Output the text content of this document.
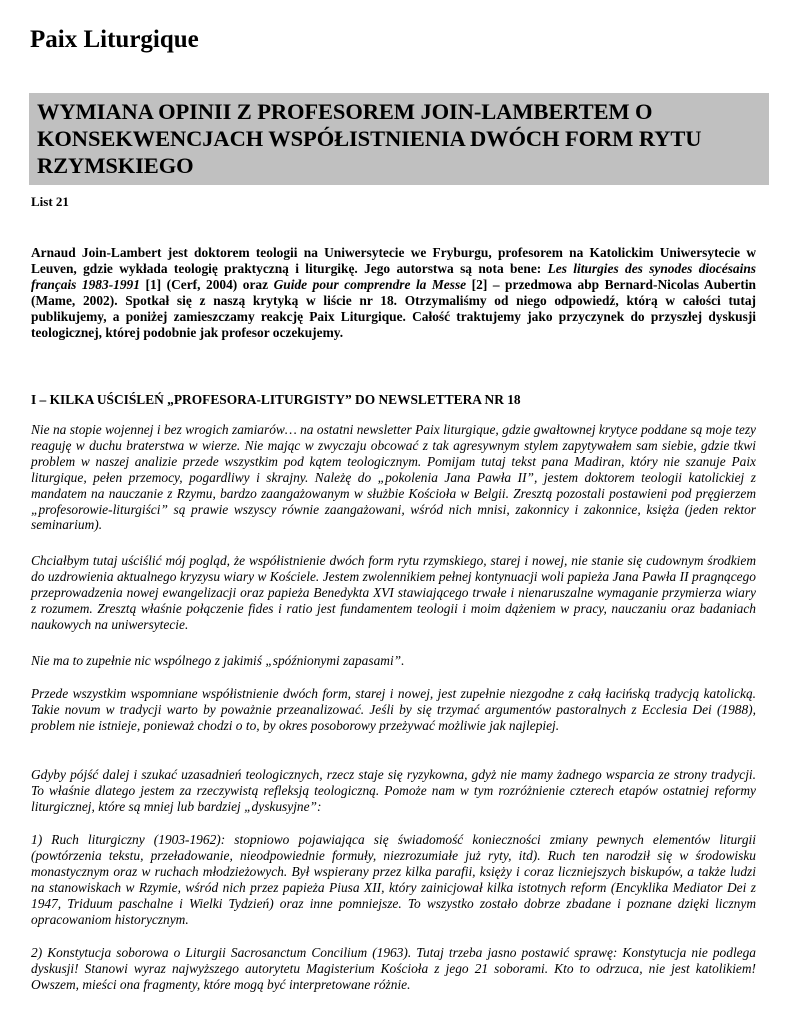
Paix Liturgique
WYMIANA OPINII Z PROFESOREM JOIN-LAMBERTEM O KONSEKWENCJACH WSPÓŁISTNIENIA DWÓCH FORM RYTU RZYMSKIEGO

List 21

Arnaud Join-Lambert jest doktorem teologii na Uniwersytecie we Fryburgu, profesorem na Katolickim Uniwersytecie w Leuven, gdzie wykłada teologię praktyczną i liturgikę. Jego autorstwa są nota bene: Les liturgies des synodes diocésains français 1983-1991 [1] (Cerf, 2004) oraz Guide pour comprendre la Messe [2] – przedmowa abp Bernard-Nicolas Aubertin (Mame, 2002). Spotkał się z naszą krytyką w liście nr 18. Otrzymaliśmy od niego odpowiedź, którą w całości tutaj publikujemy, a poniżej zamieszczamy reakcję Paix Liturgique. Całość traktujemy jako przyczynek do przyszłej dyskusji teologicznej, której podobnie jak profesor oczekujemy.

I – KILKA UŚCIŚLEŃ „PROFESORA-LITURGISTY” DO NEWSLETTERA NR 18

Nie na stopie wojennej i bez wrogich zamiarów… na ostatni newsletter Paix liturgique, gdzie gwałtownej krytyce poddane są moje tezy reaguję w duchu braterstwa w wierze. Nie mając w zwyczaju obcować z tak agresywnym stylem zapytywałem sam siebie, gdzie tkwi problem w naszej analizie przede wszystkim pod kątem teologicznym. Pomijam tutaj tekst pana Madiran, który nie szanuje Paix liturgique, pełen przemocy, pogardliwy i skrajny. Należę do „pokolenia Jana Pawła II”, jestem doktorem teologii katolickiej z mandatem na nauczanie z Rzymu, bardzo zaangażowanym w służbie Kościoła w Belgii. Zresztą pozostali postawieni pod pręgierzem „profesorowie-liturgiści” są prawie wszyscy równie zaangażowani, wśród nich mnisi, zakonnicy i zakonnice, księża (jeden rektor seminarium).

Chciałbym tutaj uściślić mój pogląd, że współistnienie dwóch form rytu rzymskiego, starej i nowej, nie stanie się cudownym środkiem do uzdrowienia aktualnego kryzysu wiary w Kościele. Jestem zwolennikiem pełnej kontynuacji woli papieża Jana Pawła II pragnącego przeprowadzenia nowej ewangelizacji oraz papieża Benedykta XVI stawiającego trwałe i nienaruszalne wymaganie przymierza wiary z rozumem. Zresztą właśnie połączenie fides i ratio jest fundamentem teologii i moim dążeniem w pracy, nauczaniu oraz badaniach naukowych na uniwersytecie.

Nie ma to zupełnie nic wspólnego z jakimiś „spóźnionymi zapasami”.

Przede wszystkim wspomniane współistnienie dwóch form, starej i nowej, jest zupełnie niezgodne z całą łacińską tradycją katolicką. Takie novum w tradycji warto by poważnie przeanalizować. Jeśli by się trzymać argumentów pastoralnych z Ecclesia Dei (1988), problem nie istnieje, ponieważ chodzi o to, by okres posoborowy przeżywać możliwie jak najlepiej.

Gdyby pójść dalej i szukać uzasadnień teologicznych, rzecz staje się ryzykowna, gdyż nie mamy żadnego wsparcia ze strony tradycji. To właśnie dlatego jestem za rzeczywistą refleksją teologiczną. Pomoże nam w tym rozróżnienie czterech etapów ostatniej reformy liturgicznej, które są mniej lub bardziej „dyskusyjne”:

1) Ruch liturgiczny (1903-1962): stopniowo pojawiająca się świadomość konieczności zmiany pewnych elementów liturgii (powtórzenia tekstu, przeładowanie, nieodpowiednie formuły, niezrozumiałe już ryty, itd). Ruch ten narodził się w środowisku monastycznym oraz w ruchach młodzieżowych. Był wspierany przez kilka parafii, księży i coraz liczniejszych biskupów, a także ludzi na stanowiskach w Rzymie, wśród nich przez papieża Piusa XII, który zainicjował kilka istotnych reform (Encyklika Mediator Dei z 1947, Triduum paschalne i Wielki Tydzień) oraz inne pomniejsze. To wszystko zostało dobrze zbadane i poznane dzięki licznym opracowaniom historycznym.

2) Konstytucja soborowa o Liturgii Sacrosanctum Concilium (1963). Tutaj trzeba jasno postawić sprawę: Konstytucja nie podlega dyskusji! Stanowi wyraz najwyższego autorytetu Magisterium Kościoła z jego 21 soborami. Kto to odrzuca, nie jest katolikiem! Owszem, mieści ona fragmenty, które mogą być interpretowane różnie.
